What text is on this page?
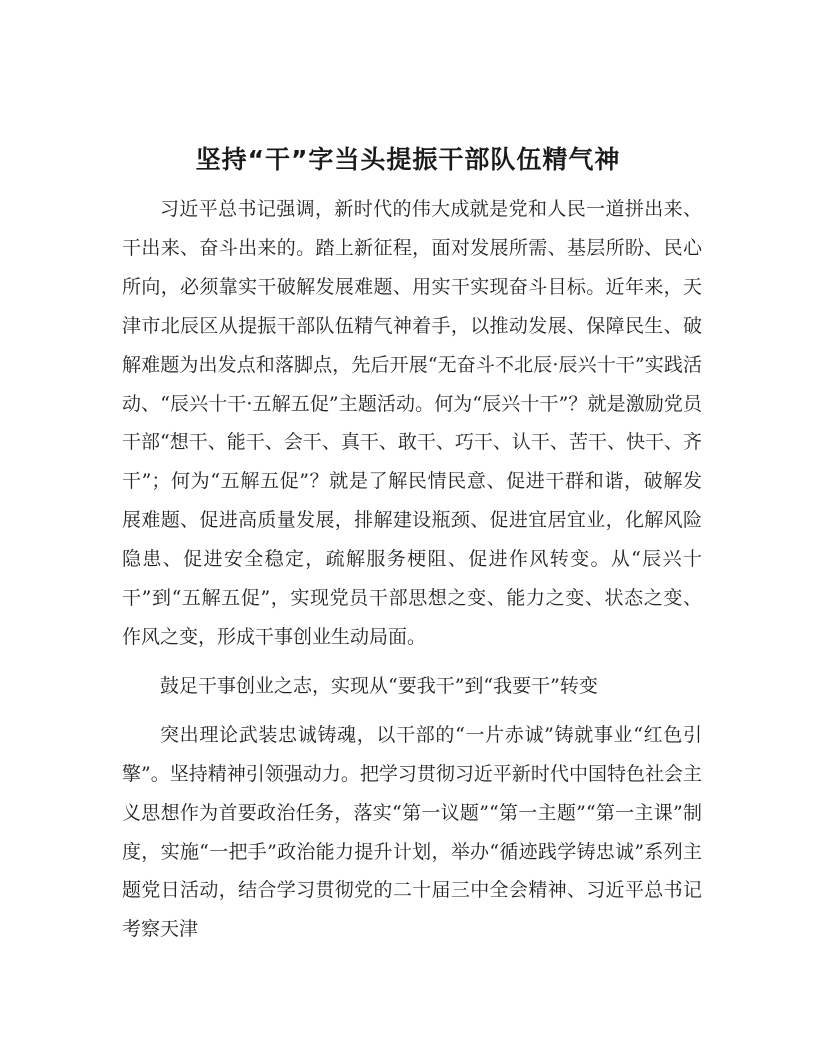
坚持“干”字当头提振干部队伍精气神

习近平总书记强调，新时代的伟大成就是党和人民一道拼出来、干出来、奋斗出来的。踏上新征程，面对发展所需、基层所盼、民心所向，必须靠实干破解发展难题、用实干实现奋斗目标。近年来，天津市北辰区从提振干部队伍精气神着手，以推动发展、保障民生、破解难题为出发点和落脚点，先后开展“无奋斗不北辰·辰兴十干”实践活动、“辰兴十干·五解五促”主题活动。何为“辰兴十干”？就是激励党员干部“想干、能干、会干、真干、敢干、巧干、认干、苦干、快干、齐干”；何为“五解五促”？就是了解民情民意、促进干群和谐，破解发展难题、促进高质量发展，排解建设瓶颈、促进宜居宜业，化解风险隐患、促进安全稳定，疏解服务梗阻、促进作风转变。从“辰兴十干”到“五解五促”，实现党员干部思想之变、能力之变、状态之变、作风之变，形成干事创业生动局面。

鼓足干事创业之志，实现从“要我干”到“我要干”转变

突出理论武装忠诚铸魂，以干部的“一片赤诚”铸就事业“红色引擎”。坚持精神引领强动力。把学习贯彻习近平新时代中国特色社会主义思想作为首要政治任务，落实“第一议题”“第一主题”“第一主课”制度，实施“一把手”政治能力提升计划，举办“循迹践学铸忠诚”系列主题党日活动，结合学习贯彻党的二十届三中全会精神、习近平总书记考察天津
